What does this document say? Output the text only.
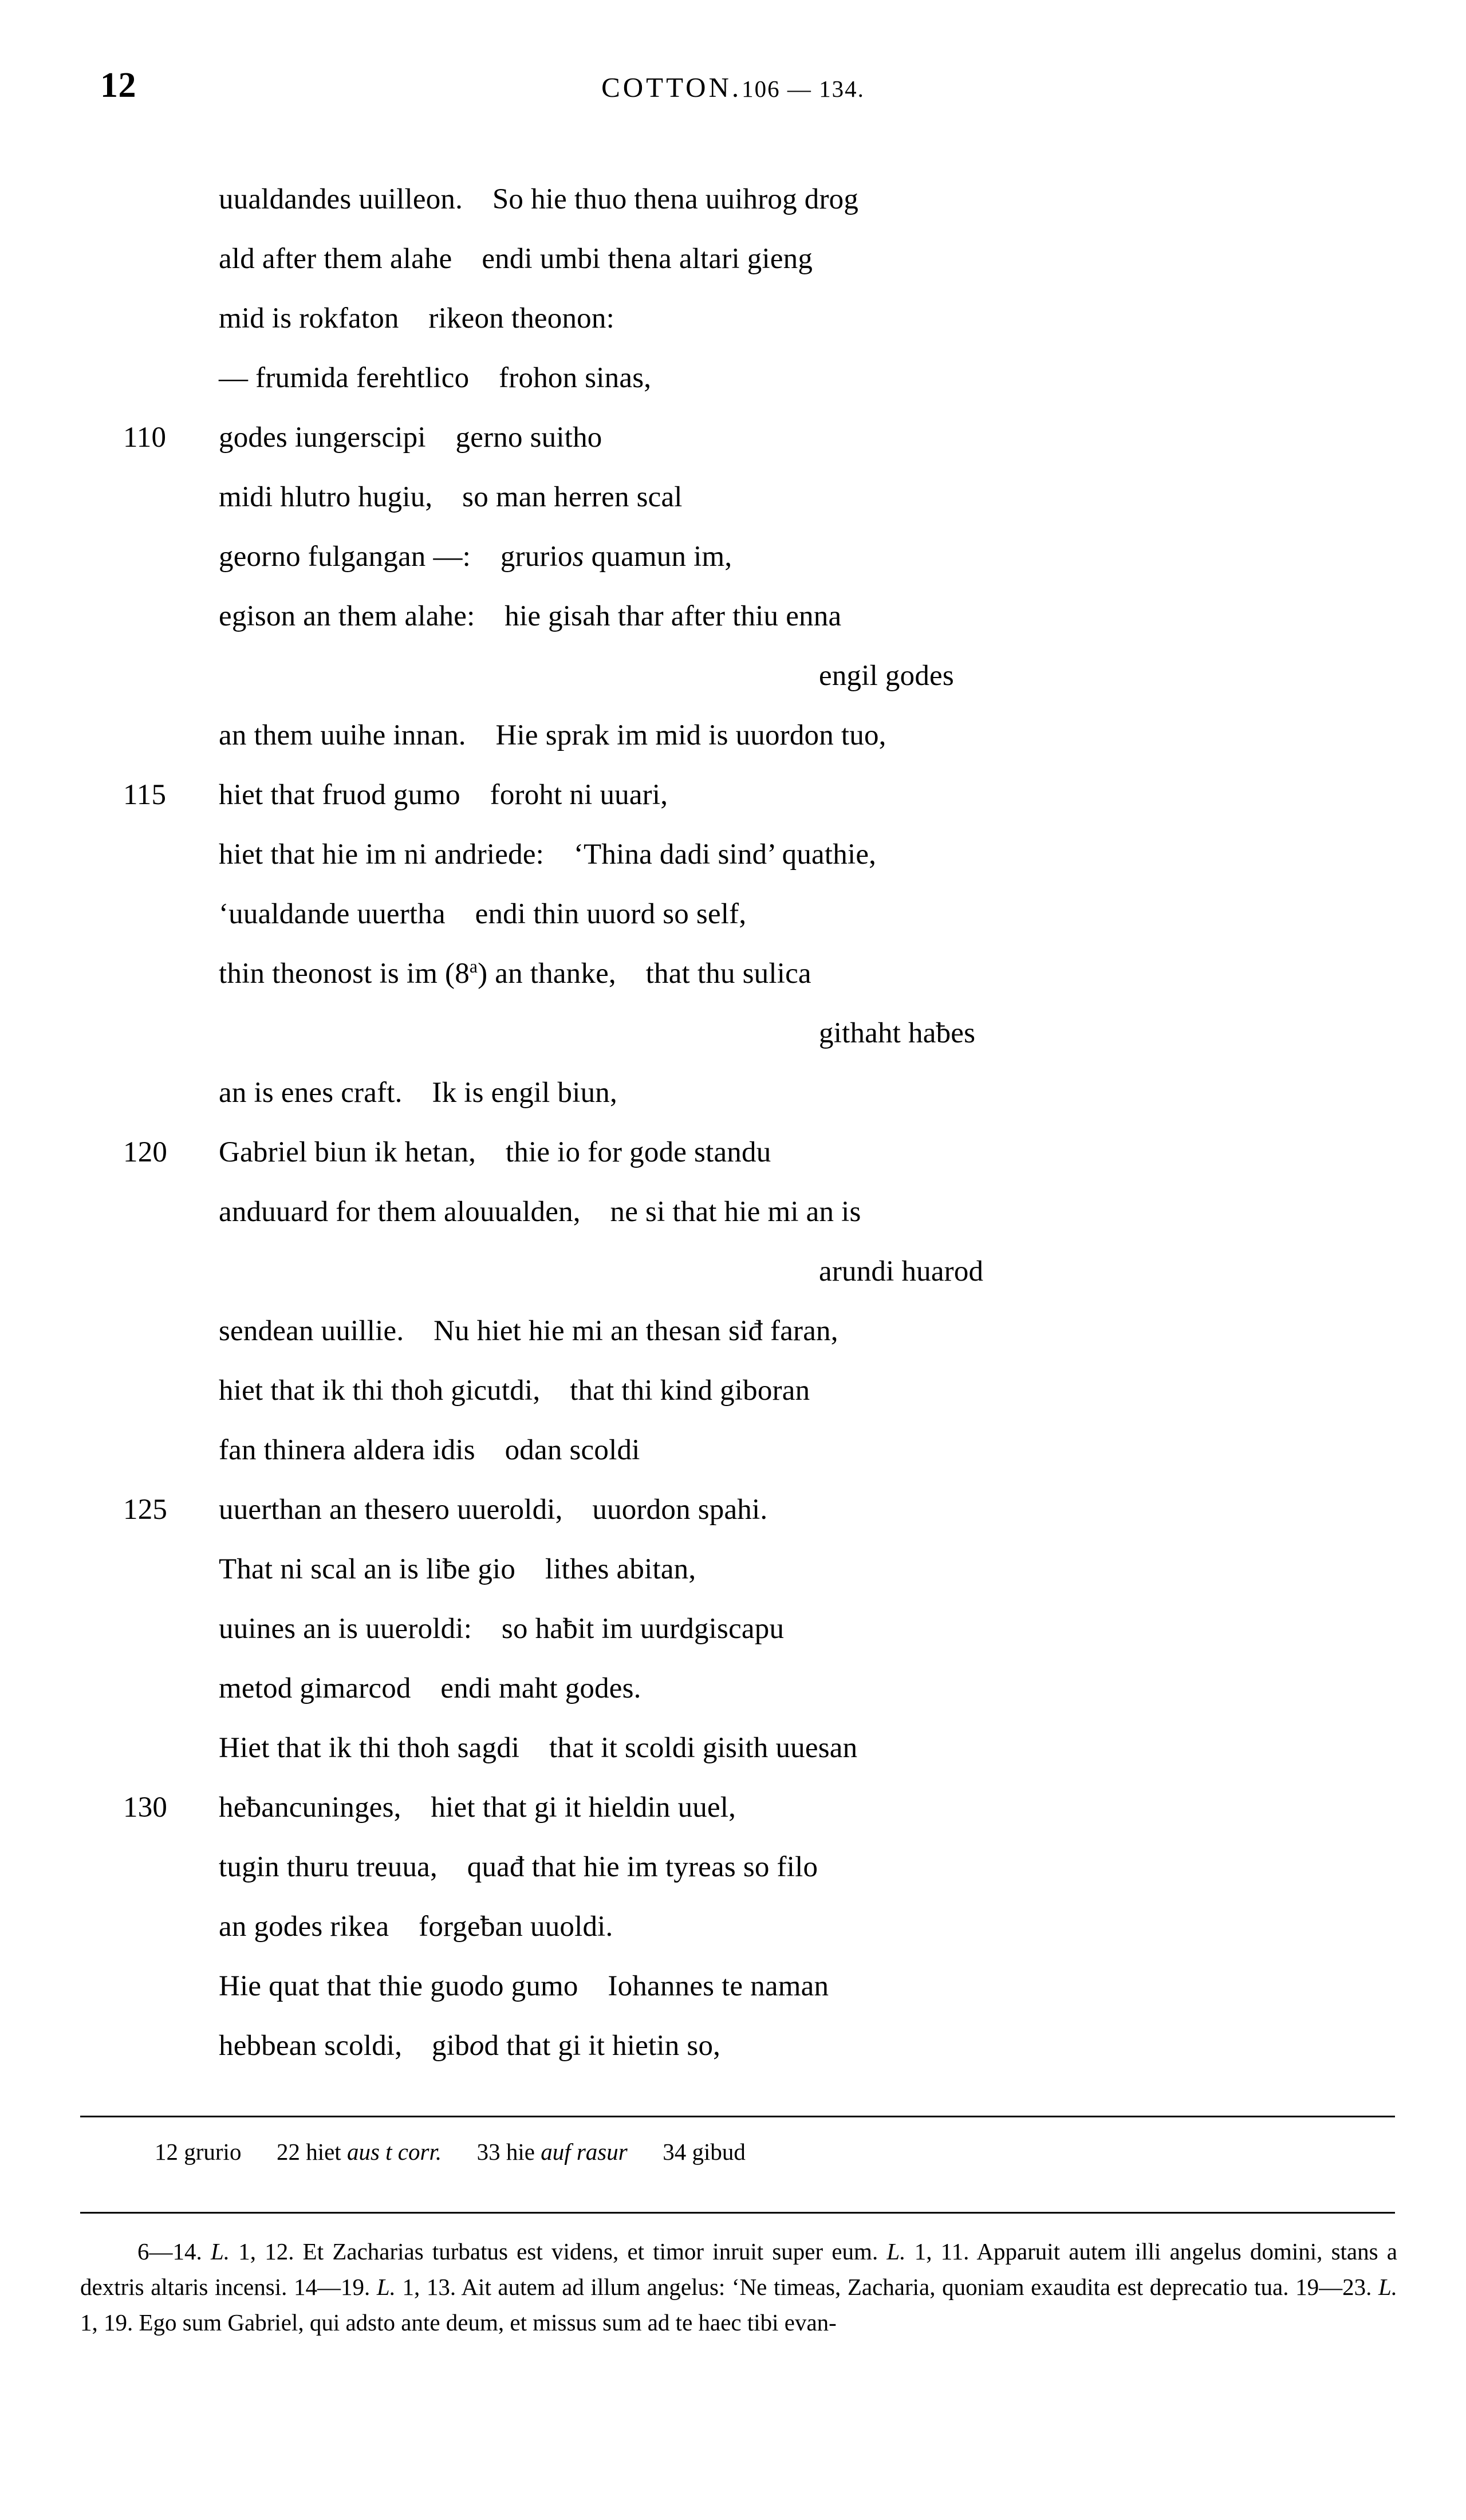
12	COTTON.106 — 134.
uualdandes uuilleon.    So hie thuo thena uuihrog drog
ald after them alahe    endi umbi thena altari gieng
mid is rokfaton    rikeon theonon:
— frumida ferehtlico    frohon sinas,
110	godes iungerscipi    gerno suitho
midi hlutro hugiu,    so man herren scal
georno fulgangan —:    grurios quamun im,
egison an them alahe:    hie gisah thar after thiu enna
engil godes
an them uuihe innan.    Hie sprak im mid is uuordon tuo,
115	hiet that fruod gumo    foroht ni uuari,
hiet that hie im ni andriede:    ‘Thina dadi sind’ quathie,
‘uualdande uuertha    endi thin uuord so self,
thin theonost is im (8$^a$) an thanke,    that thu sulica
githaht haƀes
an is enes craft.    Ik is engil biun,
120	Gabriel biun ik hetan,    thie io for gode standu
anduuard for them alouualden,    ne si that hie mi an is
arundi huarod
sendean uuillie.    Nu hiet hie mi an thesan siđ faran,
hiet that ik thi thoh gicutdi,    that thi kind giboran
fan thinera aldera idis    odan scoldi
125	uuerthan an thesero uueroldi,    uuordon spahi.
That ni scal an is liƀe gio    lithes abitan,
uuines an is uueroldi:    so haƀit im uurdgiscapu
metod gimarcod    endi maht godes.
Hiet that ik thi thoh sagdi    that it scoldi gisith uuesan
130	heƀancuninges,    hiet that gi it hieldin uuel,
tugin thuru treuua,    quađ that hie im tyreas so filo
an godes rikea    forgeƀan uuoldi.
Hie quat that thie guodo gumo    Iohannes te naman
hebbean scoldi,    gibod that gi it hietin so,
12 grurio 22 hiet aus t corr. 33 hie auf rasur 34 gibud

6—14. L. 1, 12. Et Zacharias turbatus est videns, et timor inruit super eum. L. 1, 11. Apparuit autem illi angelus domini, stans a dextris altaris incensi. 14—19. L. 1, 13. Ait autem ad illum angelus: ‘Ne timeas, Zacharia, quoniam exaudita est deprecatio tua. 19—23. L. 1, 19. Ego sum Gabriel, qui adsto ante deum, et missus sum ad te haec tibi evan-
